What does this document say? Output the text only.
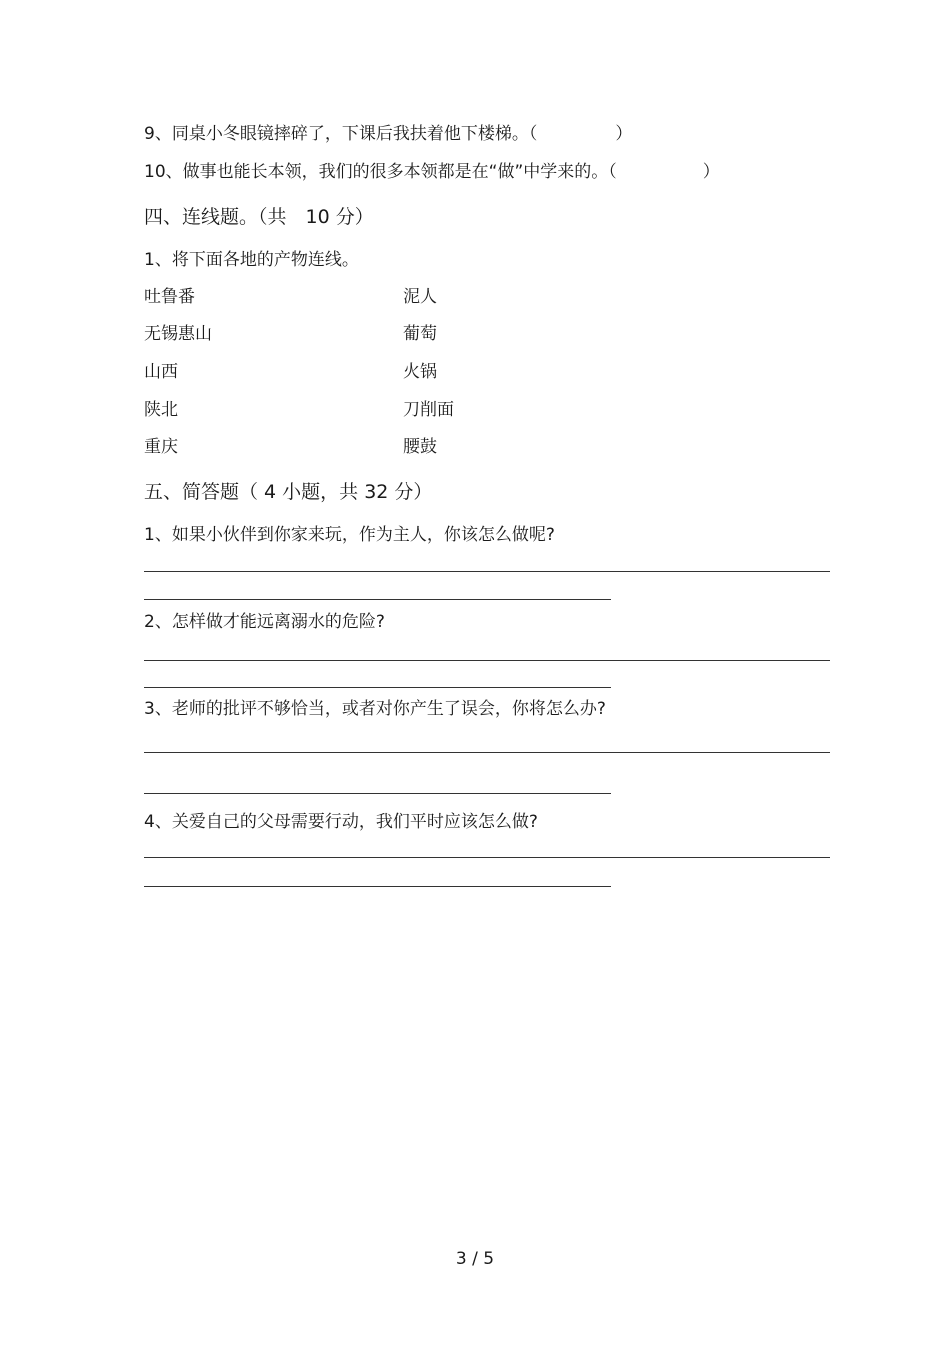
9、同桌小冬眼镜摔碎了，下课后我扶着他下楼梯。（	）
10、做事也能长本领，我们的很多本领都是在“做”中学来的。（	）
四、连线题。（共　10 分）
1、将下面各地的产物连线。
吐鲁番	泥人
无锡惠山	葡萄
山西	火锅
陕北	刀削面
重庆	腰鼓
五、简答题（ 4 小题，共 32 分）
1、如果小伙伴到你家来玩，作为主人，你该怎么做呢?
2、怎样做才能远离溺水的危险?
3、老师的批评不够恰当，或者对你产生了误会，你将怎么办?
4、关爱自己的父母需要行动，我们平时应该怎么做?
3 / 5
